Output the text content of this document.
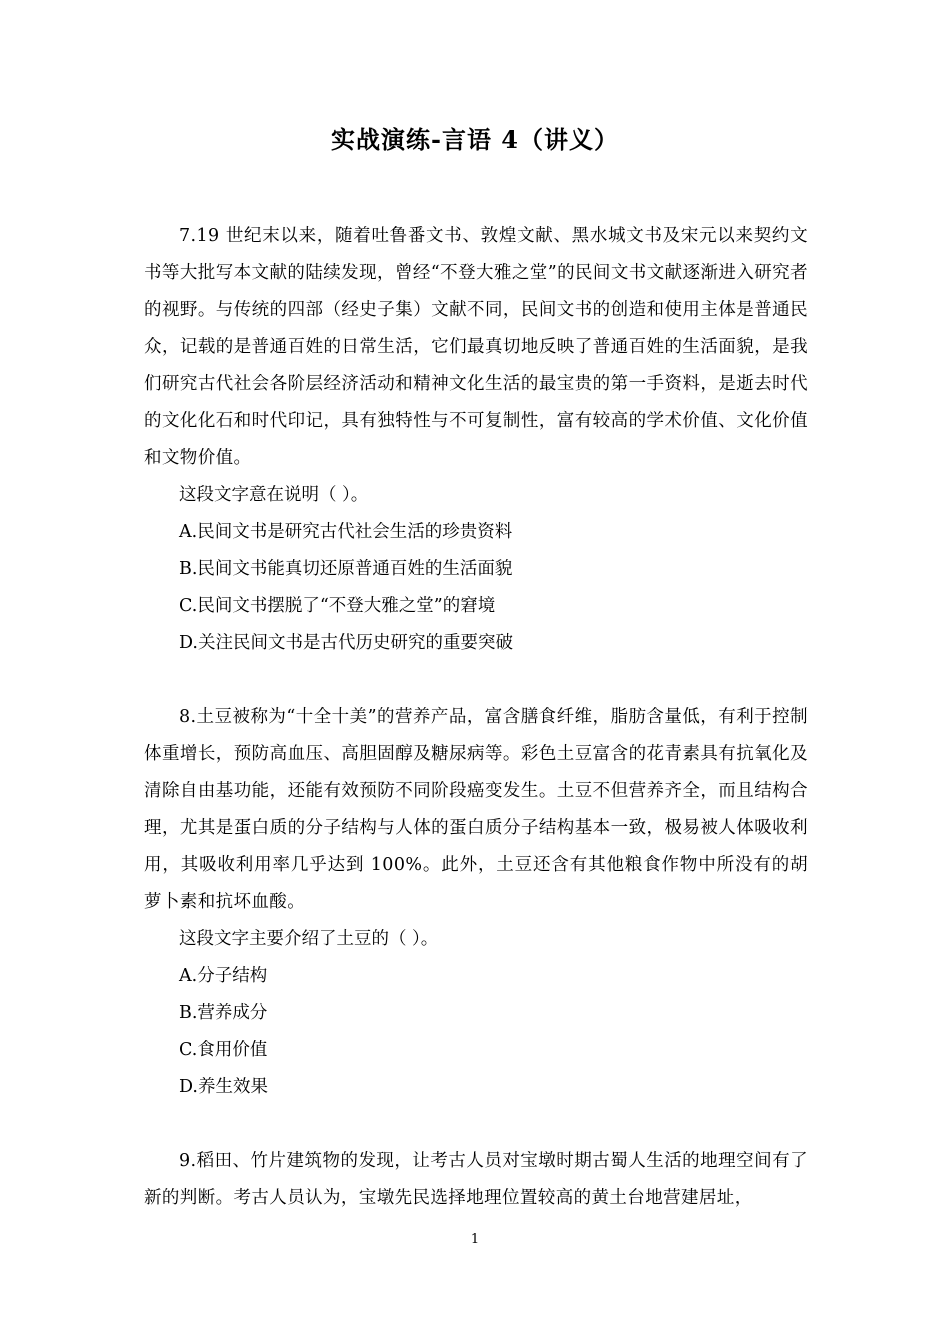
实战演练-言语 4（讲义）

7.19 世纪末以来，随着吐鲁番文书、敦煌文献、黑水城文书及宋元以来契约文书等大批写本文献的陆续发现，曾经“不登大雅之堂”的民间文书文献逐渐进入研究者的视野。与传统的四部（经史子集）文献不同，民间文书的创造和使用主体是普通民众，记载的是普通百姓的日常生活，它们最真切地反映了普通百姓的生活面貌，是我们研究古代社会各阶层经济活动和精神文化生活的最宝贵的第一手资料，是逝去时代的文化化石和时代印记，具有独特性与不可复制性，富有较高的学术价值、文化价值和文物价值。

这段文字意在说明（ ）。

A.民间文书是研究古代社会生活的珍贵资料

B.民间文书能真切还原普通百姓的生活面貌

C.民间文书摆脱了“不登大雅之堂”的窘境

D.关注民间文书是古代历史研究的重要突破

8.土豆被称为“十全十美”的营养产品，富含膳食纤维，脂肪含量低，有利于控制体重增长，预防高血压、高胆固醇及糖尿病等。彩色土豆富含的花青素具有抗氧化及清除自由基功能，还能有效预防不同阶段癌变发生。土豆不但营养齐全，而且结构合理，尤其是蛋白质的分子结构与人体的蛋白质分子结构基本一致，极易被人体吸收利用，其吸收利用率几乎达到 100%。此外，土豆还含有其他粮食作物中所没有的胡萝卜素和抗坏血酸。

这段文字主要介绍了土豆的（ ）。

A.分子结构

B.营养成分

C.食用价值

D.养生效果

9.稻田、竹片建筑物的发现，让考古人员对宝墩时期古蜀人生活的地理空间有了新的判断。考古人员认为，宝墩先民选择地理位置较高的黄土台地营建居址，

1
